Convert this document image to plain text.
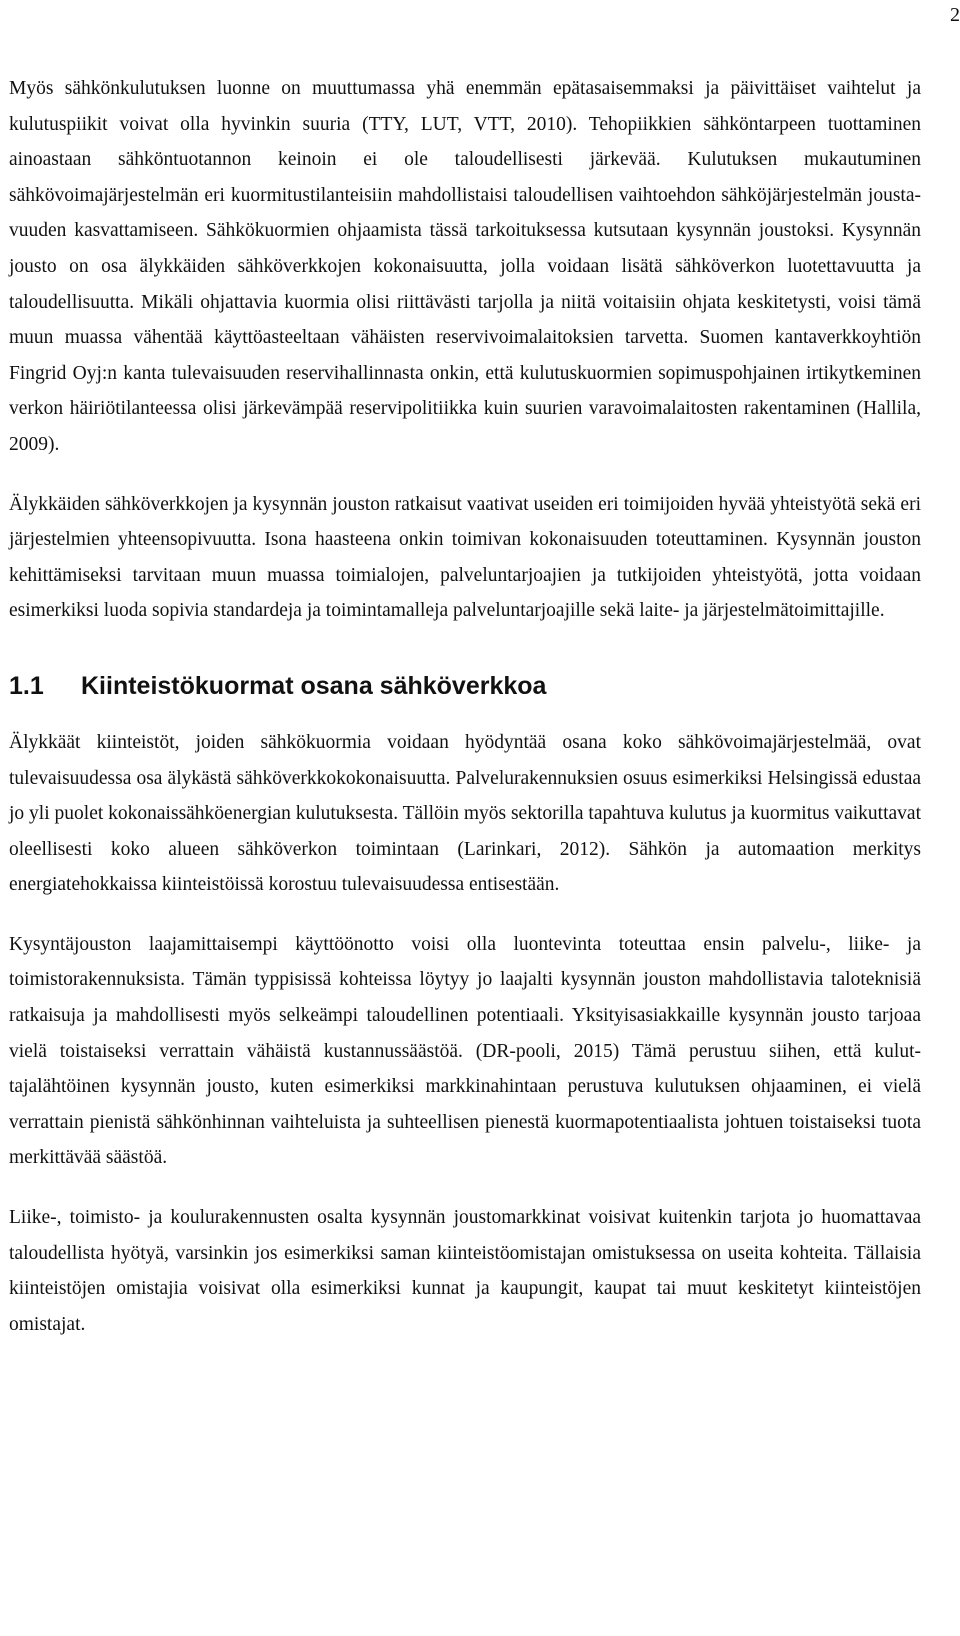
2

Myös sähkönkulutuksen luonne on muuttumassa yhä enemmän epätasaisemmaksi ja päivittäiset vaihtelut ja kulutuspiikit voivat olla hyvinkin suuria (TTY, LUT, VTT, 2010). Tehopiikkien sähköntarpeen tuottaminen ainoastaan sähköntuotannon keinoin ei ole taloudellisesti järkevää. Kulutuksen mukautuminen sähkövoimajärjestelmän eri kuormitustilanteisiin mahdollistaisi taloudellisen vaihtoehdon sähköjärjestelmän joustavuuden kasvattamiseen. Sähkökuormien ohjaamista tässä tarkoituksessa kutsutaan kysynnän joustoksi. Kysynnän jousto on osa älykkäiden sähköverkkojen kokonaisuutta, jolla voidaan lisätä sähköverkon luotettavuutta ja taloudellisuutta. Mikäli ohjattavia kuormia olisi riittävästi tarjolla ja niitä voitaisiin ohjata keskitetysti, voisi tämä muun muassa vähentää käyttöasteeltaan vähäisten reservivoimalaitoksien tarvetta. Suomen kantaverkkoyhtiön Fingrid Oyj:n kanta tulevaisuuden reservihallinnasta onkin, että kulutuskuormien sopimuspohjainen irtikytkeminen verkon häiriötilanteessa olisi järkevämpää reservipolitiikka kuin suurien varavoimalaitosten rakentaminen (Hallila, 2009).

Älykkäiden sähköverkkojen ja kysynnän jouston ratkaisut vaativat useiden eri toimijoiden hyvää yhteistyötä sekä eri järjestelmien yhteensopivuutta. Isona haasteena onkin toimivan kokonaisuuden toteuttaminen. Kysynnän jouston kehittämiseksi tarvitaan muun muassa toimialojen, palveluntarjoajien ja tutkijoiden yhteistyötä, jotta voidaan esimerkiksi luoda sopivia standardeja ja toimintamalleja palveluntarjoajille sekä laite- ja järjestelmätoimittajille.

1.1	Kiinteistökuormat osana sähköverkkoa

Älykkäät kiinteistöt, joiden sähkökuormia voidaan hyödyntää osana koko sähkövoimajärjestelmää, ovat tulevaisuudessa osa älykästä sähköverkkokokonaisuutta. Palvelurakennuksien osuus esimerkiksi Helsingissä edustaa jo yli puolet kokonaissähköenergian kulutuksesta. Tällöin myös sektorilla tapahtuva kulutus ja kuormitus vaikuttavat oleellisesti koko alueen sähköverkon toimintaan (Larinkari, 2012). Sähkön ja automaation merkitys energiatehokkaissa kiinteistöissä korostuu tulevaisuudessa entisestään.

Kysyntäjouston laajamittaisempi käyttöönotto voisi olla luontevinta toteuttaa ensin palvelu-, liike- ja toimistorakennuksista. Tämän typpisissä kohteissa löytyy jo laajalti kysynnän jouston mahdollistavia taloteknisiä ratkaisuja ja mahdollisesti myös selkeämpi taloudellinen potentiaali. Yksityisasiakkaille kysynnän jousto tarjoaa vielä toistaiseksi verrattain vähäistä kustannussäästöä. (DR-pooli, 2015) Tämä perustuu siihen, että kuluttajalähtöinen kysynnän jousto, kuten esimerkiksi markkinahintaan perustuva kulutuksen ohjaaminen, ei vielä verrattain pienistä sähkönhinnan vaihteluista ja suhteellisen pienestä kuormapotentiaalista johtuen toistaiseksi tuota merkittävää säästöä.

Liike-, toimisto- ja koulurakennusten osalta kysynnän joustomarkkinat voisivat kuitenkin tarjota jo huomattavaa taloudellista hyötyä, varsinkin jos esimerkiksi saman kiinteistöomistajan omistuksessa on useita kohteita. Tällaisia kiinteistöjen omistajia voisivat olla esimerkiksi kunnat ja kaupungit, kaupat tai muut keskitetyt kiinteistöjen omistajat.
